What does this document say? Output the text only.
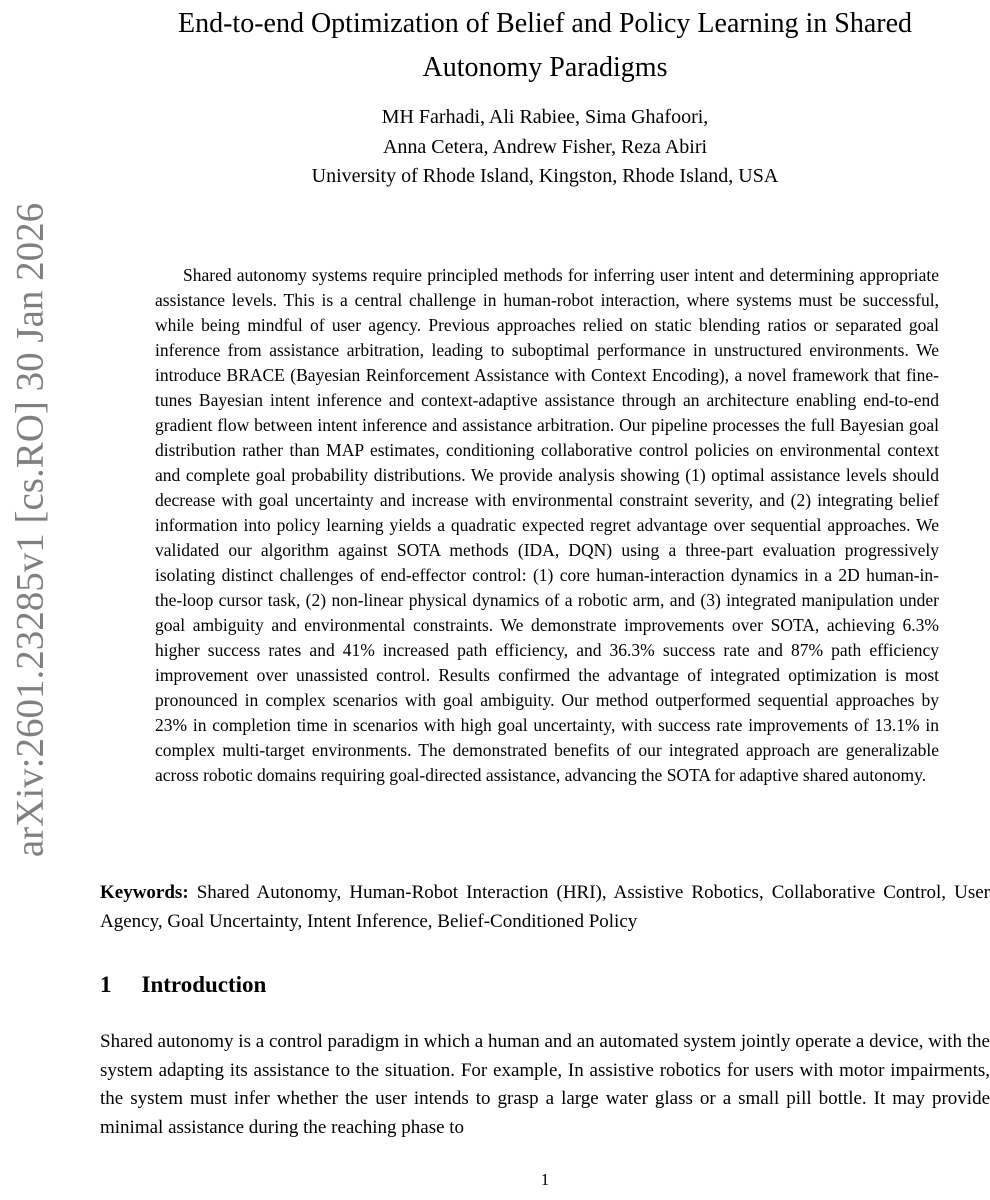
arXiv:2601.23285v1 [cs.RO] 30 Jan 2026
End-to-end Optimization of Belief and Policy Learning in Shared
Autonomy Paradigms
MH Farhadi, Ali Rabiee, Sima Ghafoori,
Anna Cetera, Andrew Fisher, Reza Abiri
University of Rhode Island, Kingston, Rhode Island, USA
Shared autonomy systems require principled methods for inferring user intent and determining appropriate assistance levels. This is a central challenge in human-robot interaction, where systems must be successful, while being mindful of user agency. Previous approaches relied on static blending ratios or separated goal inference from assistance arbitration, leading to suboptimal performance in unstructured environments. We introduce BRACE (Bayesian Reinforcement Assistance with Context Encoding), a novel framework that fine-tunes Bayesian intent inference and context-adaptive assistance through an architecture enabling end-to-end gradient flow between intent inference and assistance arbitration. Our pipeline processes the full Bayesian goal distribution rather than MAP estimates, conditioning collaborative control policies on environmental context and complete goal probability distributions. We provide analysis showing (1) optimal assistance levels should decrease with goal uncertainty and increase with environmental constraint severity, and (2) integrating belief information into policy learning yields a quadratic expected regret advantage over sequential approaches. We validated our algorithm against SOTA methods (IDA, DQN) using a three-part evaluation progressively isolating distinct challenges of end-effector control: (1) core human-interaction dynamics in a 2D human-in-the-loop cursor task, (2) non-linear physical dynamics of a robotic arm, and (3) integrated manipulation under goal ambiguity and environmental constraints. We demonstrate improvements over SOTA, achieving 6.3% higher success rates and 41% increased path efficiency, and 36.3% success rate and 87% path efficiency improvement over unassisted control. Results confirmed the advantage of integrated optimization is most pronounced in complex scenarios with goal ambiguity. Our method outperformed sequential approaches by 23% in completion time in scenarios with high goal uncertainty, with success rate improvements of 13.1% in complex multi-target environments. The demonstrated benefits of our integrated approach are generalizable across robotic domains requiring goal-directed assistance, advancing the SOTA for adaptive shared autonomy.
Keywords: Shared Autonomy, Human-Robot Interaction (HRI), Assistive Robotics, Collaborative Control, User Agency, Goal Uncertainty, Intent Inference, Belief-Conditioned Policy
1 Introduction
Shared autonomy is a control paradigm in which a human and an automated system jointly operate a device, with the system adapting its assistance to the situation. For example, In assistive robotics for users with motor impairments, the system must infer whether the user intends to grasp a large water glass or a small pill bottle. It may provide minimal assistance during the reaching phase to
1
